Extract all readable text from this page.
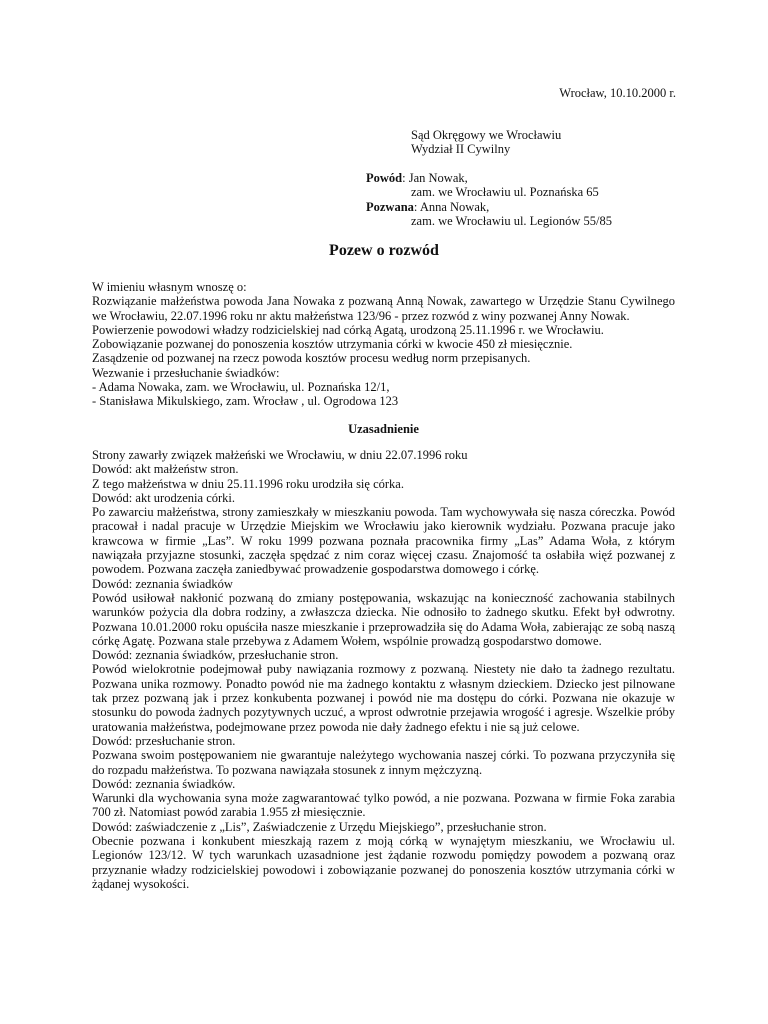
Wrocław, 10.10.2000 r.
Sąd Okręgowy we Wrocławiu
Wydział II Cywilny
Powód: Jan Nowak,
zam. we Wrocławiu ul. Poznańska 65
Pozwana: Anna Nowak,
zam. we Wrocławiu ul. Legionów 55/85
Pozew o rozwód

W imieniu własnym wnoszę o:

Rozwiązanie małżeństwa powoda Jana Nowaka z pozwaną Anną Nowak, zawartego w Urzędzie Stanu Cywilnego we Wrocławiu, 22.07.1996 roku nr aktu małżeństwa 123/96 - przez rozwód z winy pozwanej Anny Nowak.

Powierzenie powodowi władzy rodzicielskiej nad córką Agatą, urodzoną 25.11.1996 r. we Wrocławiu.

Zobowiązanie pozwanej do ponoszenia kosztów utrzymania córki w kwocie 450 zł miesięcznie.

Zasądzenie od pozwanej na rzecz powoda kosztów procesu według norm przepisanych.

Wezwanie i przesłuchanie świadków:

- Adama Nowaka, zam. we Wrocławiu, ul. Poznańska 12/1,

- Stanisława Mikulskiego, zam. Wrocław , ul. Ogrodowa 123

Uzasadnienie

Strony zawarły związek małżeński we Wrocławiu, w dniu 22.07.1996 roku

Dowód: akt małżeństw stron.

Z tego małżeństwa w dniu 25.11.1996 roku urodziła się córka.

Dowód: akt urodzenia córki.

Po zawarciu małżeństwa, strony zamieszkały w mieszkaniu powoda. Tam wychowywała się nasza córeczka. Powód pracował i nadal pracuje w Urzędzie Miejskim we Wrocławiu jako kierownik wydziału. Pozwana pracuje jako krawcowa w firmie „Las”. W roku 1999 pozwana poznała pracownika firmy „Las” Adama Woła, z którym nawiązała przyjazne stosunki, zaczęła spędzać z nim coraz więcej czasu. Znajomość ta osłabiła więź pozwanej z powodem. Pozwana zaczęła zaniedbywać prowadzenie gospodarstwa domowego i córkę.

Dowód: zeznania świadków

Powód usiłował nakłonić pozwaną do zmiany postępowania, wskazując na konieczność zachowania stabilnych warunków pożycia dla dobra rodziny, a zwłaszcza dziecka. Nie odnosiło to żadnego skutku. Efekt był odwrotny. Pozwana 10.01.2000 roku opuściła nasze mieszkanie i przeprowadziła się do Adama Woła, zabierając ze sobą naszą córkę Agatę. Pozwana stale przebywa z Adamem Wołem, wspólnie prowadzą gospodarstwo domowe.

Dowód: zeznania świadków, przesłuchanie stron.

Powód wielokrotnie podejmował puby nawiązania rozmowy z pozwaną. Niestety nie dało ta żadnego rezultatu. Pozwana unika rozmowy. Ponadto powód nie ma żadnego kontaktu z własnym dzieckiem. Dziecko jest pilnowane tak przez pozwaną jak i przez konkubenta pozwanej i powód nie ma dostępu do córki. Pozwana nie okazuje w stosunku do powoda żadnych pozytywnych uczuć, a wprost odwrotnie przejawia wrogość i agresje. Wszelkie próby uratowania małżeństwa, podejmowane przez powoda nie dały żadnego efektu i nie są już celowe.

Dowód: przesłuchanie stron.

Pozwana swoim postępowaniem nie gwarantuje należytego wychowania naszej córki. To pozwana przyczyniła się do rozpadu małżeństwa. To pozwana nawiązała stosunek z innym mężczyzną.

Dowód: zeznania świadków.

Warunki dla wychowania syna może zagwarantować tylko powód, a nie pozwana. Pozwana w firmie Foka zarabia 700 zł. Natomiast powód zarabia 1.955 zł miesięcznie.

Dowód: zaświadczenie z „Lis”, Zaświadczenie z Urzędu Miejskiego”, przesłuchanie stron.

Obecnie pozwana i konkubent mieszkają razem z moją córką w wynajętym mieszkaniu, we Wrocławiu ul. Legionów 123/12. W tych warunkach uzasadnione jest żądanie rozwodu pomiędzy powodem a pozwaną oraz przyznanie władzy rodzicielskiej powodowi i zobowiązanie pozwanej do ponoszenia kosztów utrzymania córki w żądanej wysokości.
